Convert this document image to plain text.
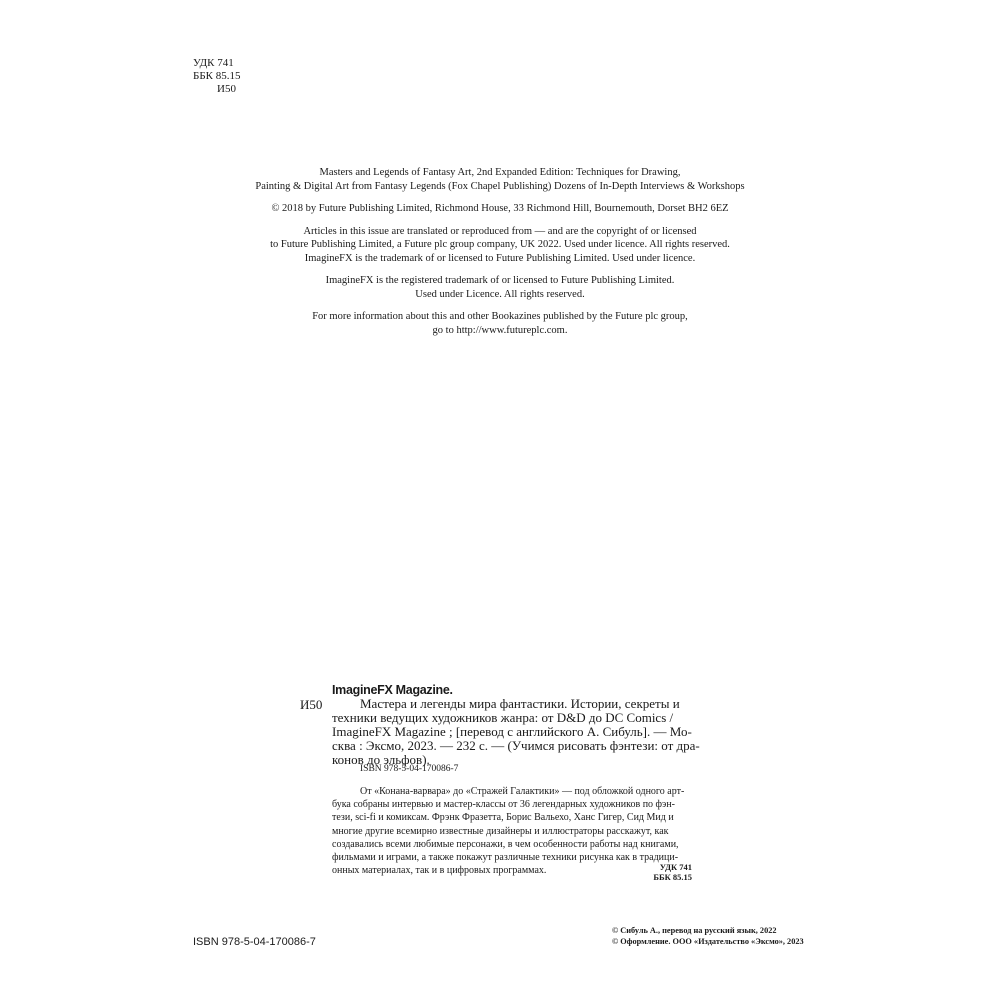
УДК 741
ББК 85.15
И50

Masters and Legends of Fantasy Art, 2nd Expanded Edition: Techniques for Drawing,
Painting & Digital Art from Fantasy Legends (Fox Chapel Publishing) Dozens of In-Depth Interviews & Workshops

© 2018 by Future Publishing Limited, Richmond House, 33 Richmond Hill, Bournemouth, Dorset BH2 6EZ

Articles in this issue are translated or reproduced from — and are the copyright of or licensed
to Future Publishing Limited, a Future plc group company, UK 2022. Used under licence. All rights reserved.
ImagineFX is the trademark of or licensed to Future Publishing Limited. Used under licence.

ImagineFX is the registered trademark of or licensed to Future Publishing Limited.
Used under Licence. All rights reserved.

For more information about this and other Bookazines published by the Future plc group,
go to http://www.futureplc.com.

И50
ImagineFX Magazine.
Мастера и легенды мира фантастики. Истории, секреты и
техники ведущих художников жанра: от D&D до DC Comics /
ImagineFX Magazine ; [перевод с английского А. Сибуль]. — Мо-
сква : Эксмо, 2023. — 232 с. — (Учимся рисовать фэнтези: от дра-
конов до эльфов).
ISBN 978-5-04-170086-7
От «Конана-варвара» до «Стражей Галактики» — под обложкой одного арт-
бука собраны интервью и мастер-классы от 36 легендарных художников по фэн-
тези, sci-fi и комиксам. Фрэнк Фразетта, Борис Вальехо, Ханс Гигер, Сид Мид и
многие другие всемирно известные дизайнеры и иллюстраторы расскажут, как
создавались всеми любимые персонажи, в чем особенности работы над книгами,
фильмами и играми, а также покажут различные техники рисунка как в традици-
онных материалах, так и в цифровых программах.	УДК 741
ББК 85.15
ISBN 978-5-04-170086-7
© Сибуль А., перевод на русский язык, 2022
© Оформление. ООО «Издательство «Эксмо», 2023
